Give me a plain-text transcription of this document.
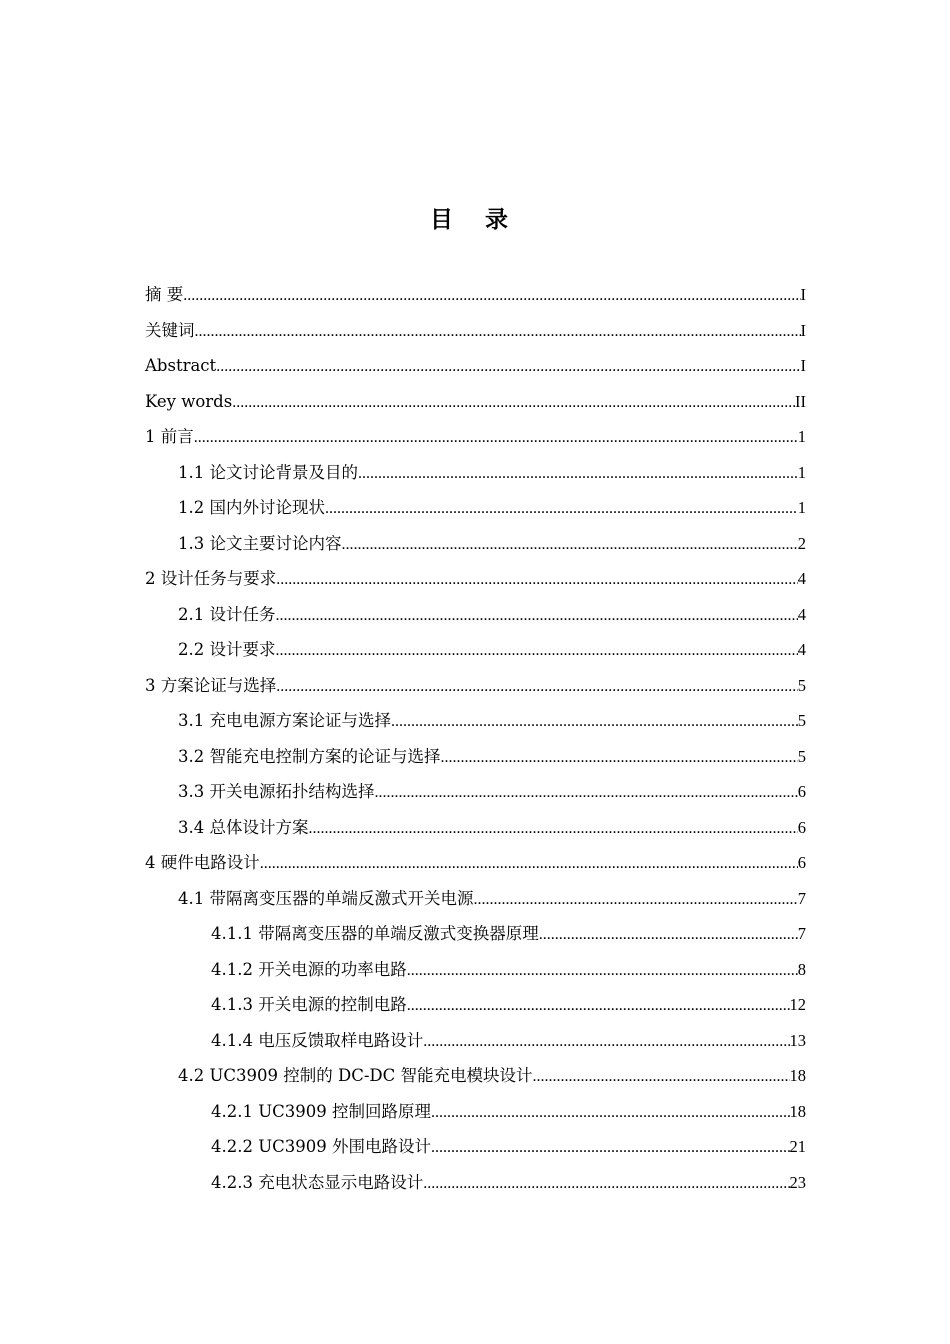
目 录
摘 要 .....	I
关键词 .....	I
Abstract .....	I
Key words .....	II
1 前言 .....	1
1.1 论文讨论背景及目的 .....	1
1.2 国内外讨论现状 .....	1
1.3 论文主要讨论内容 .....	2
2 设计任务与要求 .....	4
2.1 设计任务 .....	4
2.2 设计要求 .....	4
3 方案论证与选择 .....	5
3.1 充电电源方案论证与选择 .....	5
3.2 智能充电控制方案的论证与选择 .....	5
3.3 开关电源拓扑结构选择 .....	6
3.4 总体设计方案 .....	6
4 硬件电路设计 .....	6
4.1 带隔离变压器的单端反激式开关电源 .....	7
4.1.1 带隔离变压器的单端反激式变换器原理 .....	7
4.1.2 开关电源的功率电路 .....	8
4.1.3 开关电源的控制电路 .....	12
4.1.4 电压反馈取样电路设计 .....	13
4.2 UC3909 控制的 DC-DC 智能充电模块设计 .....	18
4.2.1 UC3909 控制回路原理 .....	18
4.2.2 UC3909 外围电路设计 .....	21
4.2.3 充电状态显示电路设计 .....	23
